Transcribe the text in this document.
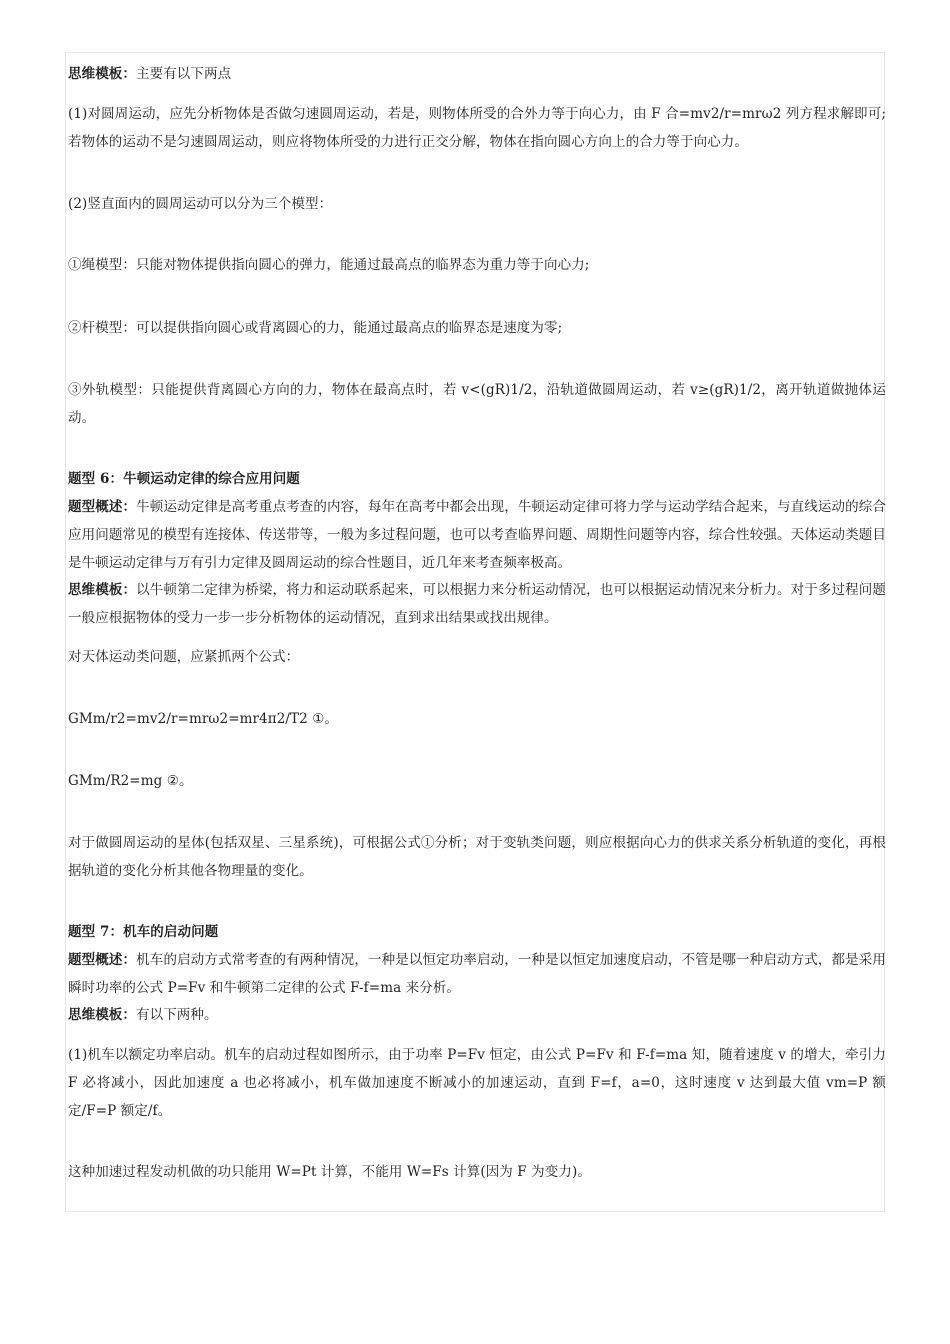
思维模板：主要有以下两点

(1)对圆周运动，应先分析物体是否做匀速圆周运动，若是，则物体所受的合外力等于向心力，由 F 合=mv2/r=mrω2 列方程求解即可;若物体的运动不是匀速圆周运动，则应将物体所受的力进行正交分解，物体在指向圆心方向上的合力等于向心力。

(2)竖直面内的圆周运动可以分为三个模型：

①绳模型：只能对物体提供指向圆心的弹力，能通过最高点的临界态为重力等于向心力;

②杆模型：可以提供指向圆心或背离圆心的力，能通过最高点的临界态是速度为零;

③外轨模型：只能提供背离圆心方向的力，物体在最高点时，若 v<(gR)1/2，沿轨道做圆周运动，若 v≥(gR)1/2，离开轨道做抛体运动。

题型 6：牛顿运动定律的综合应用问题

题型概述：牛顿运动定律是高考重点考查的内容，每年在高考中都会出现，牛顿运动定律可将力学与运动学结合起来，与直线运动的综合应用问题常见的模型有连接体、传送带等，一般为多过程问题，也可以考查临界问题、周期性问题等内容，综合性较强。天体运动类题目是牛顿运动定律与万有引力定律及圆周运动的综合性题目，近几年来考查频率极高。

思维模板：以牛顿第二定律为桥梁，将力和运动联系起来，可以根据力来分析运动情况，也可以根据运动情况来分析力。对于多过程问题一般应根据物体的受力一步一步分析物体的运动情况，直到求出结果或找出规律。

对天体运动类问题，应紧抓两个公式：

GMm/r2=mv2/r=mrω2=mr4π2/T2 ①。

GMm/R2=mg ②。

对于做圆周运动的星体(包括双星、三星系统)，可根据公式①分析；对于变轨类问题，则应根据向心力的供求关系分析轨道的变化，再根据轨道的变化分析其他各物理量的变化。

题型 7：机车的启动问题

题型概述：机车的启动方式常考查的有两种情况，一种是以恒定功率启动，一种是以恒定加速度启动，不管是哪一种启动方式，都是采用瞬时功率的公式 P=Fv 和牛顿第二定律的公式 F-f=ma 来分析。

思维模板：有以下两种。

(1)机车以额定功率启动。机车的启动过程如图所示，由于功率 P=Fv 恒定，由公式 P=Fv 和 F-f=ma 知，随着速度 v 的增大，牵引力 F 必将减小，因此加速度 a 也必将减小，机车做加速度不断减小的加速运动，直到 F=f，a=0，这时速度 v 达到最大值 vm=P 额定/F=P 额定/f。

这种加速过程发动机做的功只能用 W=Pt 计算，不能用 W=Fs 计算(因为 F 为变力)。
